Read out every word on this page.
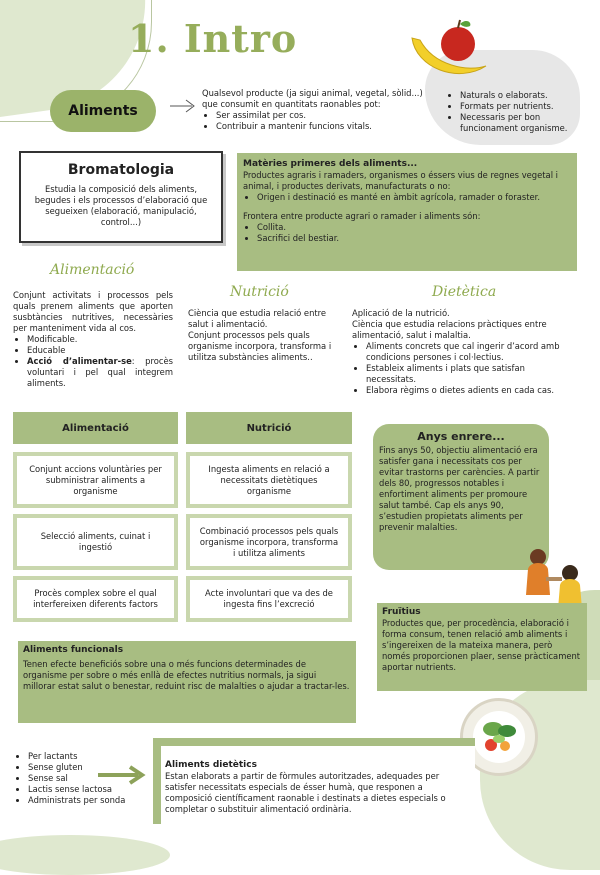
1. Intro
Aliments
Qualsevol producte (ja sigui animal, vegetal, sòlid...) que consumit en quantitats raonables pot:
• Ser assimilat per cos.
• Contribuir a mantenir funcions vitals.
• Naturals o elaborats.
• Formats per nutrients.
• Necessaris per bon funcionament organisme.
Bromatologia
Estudia la composició dels aliments, begudes i els processos d’elaboració que segueixen (elaboració, manipulació, control...)
Matèries primeres dels aliments...
Productes agraris i ramaders, organismes o éssers vius de regnes vegetal i animal, i productes derivats, manufacturats o no:
• Origen i destinació es manté en àmbit agrícola, ramader o foraster.
Frontera entre producte agrari o ramader i aliments són:
• Collita.
• Sacrifici del bestiar.
Alimentació
Conjunt activitats i processos pels quals prenem aliments que aporten susbtàncies nutritives, necessàries per manteniment vida al cos.
• Modificable.
• Educable
• Acció d’alimentar-se: procès voluntari i pel qual integrem aliments.
Nutrició
Ciència que estudia relació entre salut i alimentació.
Conjunt processos pels quals organisme incorpora, transforma i utilitza substàncies aliments..
Dietètica
Aplicació de la nutrició.
Ciència que estudia relacions pràctiques entre alimentació, salut i malaltia.
• Aliments concrets que cal ingerir d’acord amb condicions persones i col·lectius.
• Estableix aliments i plats que satisfan necessitats.
• Elabora règims o dietes adients en cada cas.
Alimentació	Nutrició
Conjunt accions voluntàries per subministrar aliments a organisme
Ingesta aliments en relació a necessitats dietètiques organisme
Selecció aliments, cuinat i ingestió
Combinació processos pels quals organisme incorpora, transforma i utilitza aliments
Procès complex sobre el qual interfereixen diferents factors
Acte involuntari que va des de ingesta fins l’excreció
Anys enrere...
Fins anys 50, objectiu alimentació era satisfer gana i necessitats cos per evitar trastorns per carències. A partir dels 80, progressos notables i enfortiment aliments per promoure salut també. Cap els anys 90, s’estudien propietats aliments per prevenir malalties.
Fruïtius
Productes que, per procedència, elaboració i forma consum, tenen relació amb aliments i s’ingereixen de la mateixa manera, però només proporcionen plaer, sense pràcticament aportar nutrients.
Aliments funcionals
Tenen efecte beneficiós sobre una o més funcions determinades de organisme per sobre o més enllà de efectes nutritius normals, ja sigui millorar estat salut o benestar, reduint risc de malalties o ajudar a tractar-les.
• Per lactants
• Sense gluten
• Sense sal
• Lactis sense lactosa
• Administrats per sonda
Aliments dietètics
Estan elaborats a partir de fòrmules autoritzades, adequades per satisfer necessitats especials de ésser humà, que responen a composició científicament raonable i destinats a dietes especials o completar o substituir alimentació ordinària.
